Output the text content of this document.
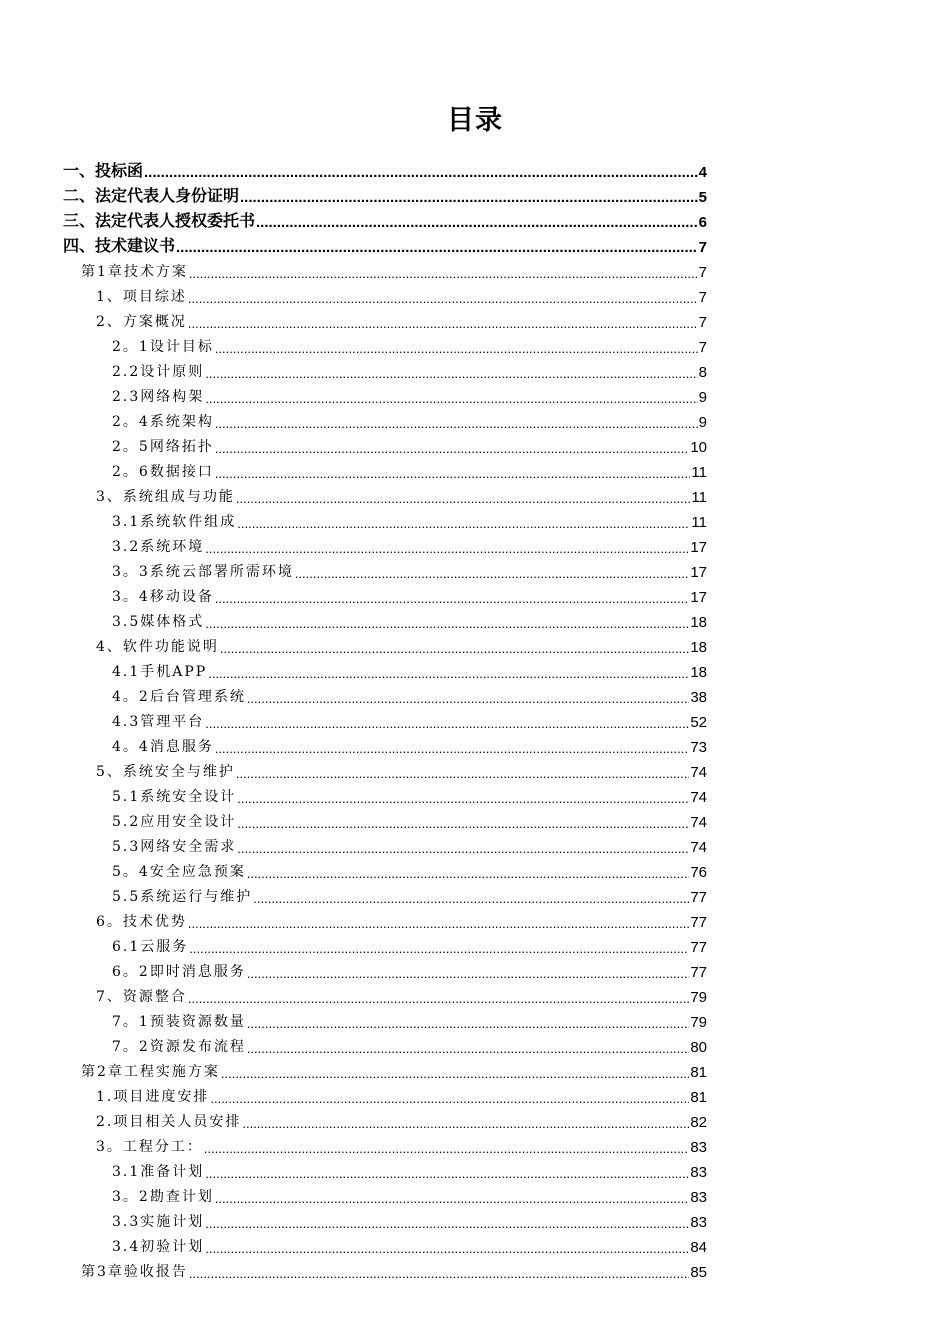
目录
一、投标函 .....	4
二、法定代表人身份证明 .....	5
三、法定代表人授权委托书 .....	6
四、技术建议书 .....	7
第1章技术方案 .....	7
1、项目综述 .....	7
2、方案概况 .....	7
2。1设计目标 .....	7
2.2设计原则 .....	8
2.3网络构架 .....	9
2。4系统架构 .....	9
2。5网络拓扑 .....	10
2。6数据接口 .....	11
3、系统组成与功能 .....	11
3.1系统软件组成 .....	11
3.2系统环境 .....	17
3。3系统云部署所需环境 .....	17
3。4移动设备 .....	17
3.5媒体格式 .....	18
4、软件功能说明 .....	18
4.1手机APP .....	18
4。2后台管理系统 .....	38
4.3管理平台 .....	52
4。4消息服务 .....	73
5、系统安全与维护 .....	74
5.1系统安全设计 .....	74
5.2应用安全设计 .....	74
5.3网络安全需求 .....	74
5。4安全应急预案 .....	76
5.5系统运行与维护 .....	77
6。技术优势 .....	77
6.1云服务 .....	77
6。2即时消息服务 .....	77
7、资源整合 .....	79
7。1预装资源数量 .....	79
7。2资源发布流程 .....	80
第2章工程实施方案 .....	81
1.项目进度安排 .....	81
2.项目相关人员安排 .....	82
3。工程分工： .....	83
3.1准备计划 .....	83
3。2勘查计划 .....	83
3.3实施计划 .....	83
3.4初验计划 .....	84
第3章验收报告 .....	85
